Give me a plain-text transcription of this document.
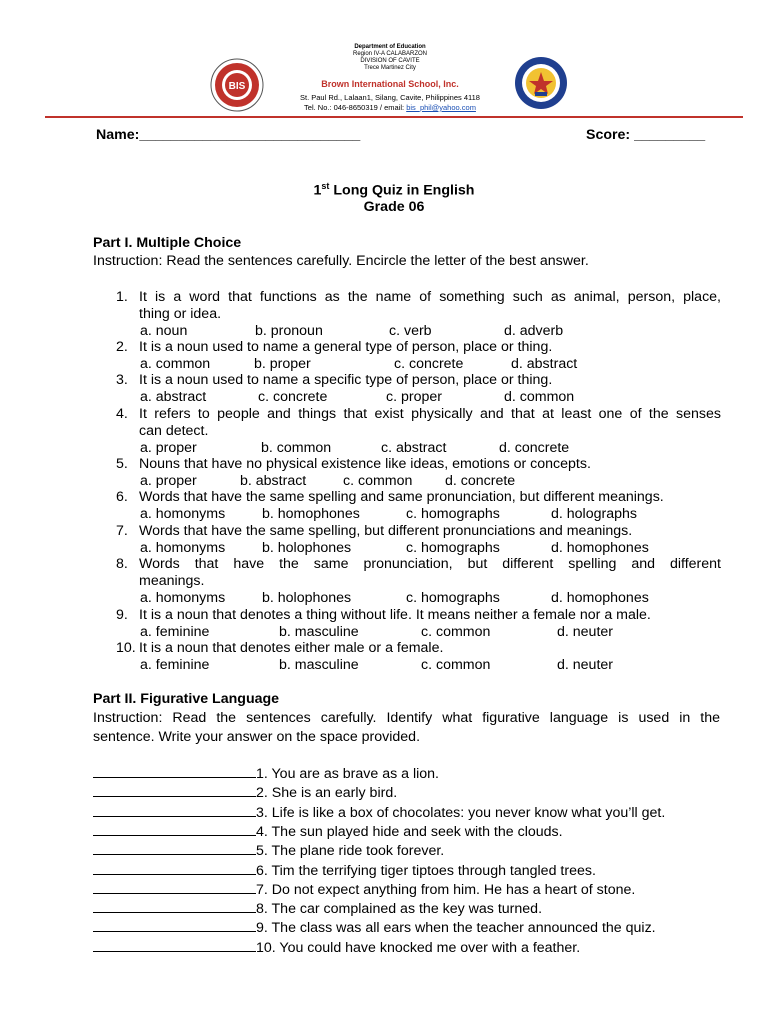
BIS
Department of Education
Region IV-A CALABARZON
DIVISION OF CAVITE
Trece Martinez City
Brown International School, Inc.
St. Paul Rd., Lalaan1, Silang, Cavite, Philippines 4118
Tel. No.: 046-8650319 / email: bis_phil@yahoo.com
Name:____________________________	Score: _________
1st Long Quiz in English
Grade 06
Part I. Multiple Choice
Instruction: Read the sentences carefully. Encircle the letter of the best answer.
1. It is a word that functions as the name of something such as animal, person, place,
thing or idea.
a. noun	b. pronoun	c. verb	d. adverb
2. It is a noun used to name a general type of person, place or thing.
a. common	b. proper	c. concrete	d. abstract
3. It is a noun used to name a specific type of person, place or thing.
a. abstract	c. concrete	c. proper	d. common
4. It refers to people and things that exist physically and that at least one of the senses
can detect.
a. proper	b. common	c. abstract	d. concrete
5. Nouns that have no physical existence like ideas, emotions or concepts.
a. proper	b. abstract	c. common d. concrete
6. Words that have the same spelling and same pronunciation, but different meanings.
a. homonyms	b. homophones	c. homographs	d. holographs
7. Words that have the same spelling, but different pronunciations and meanings.
a. homonyms	b. holophones	c. homographs	d. homophones
8. Words that have the same pronunciation, but different spelling and different
meanings.
a. homonyms	b. holophones	c. homographs	d. homophones
9. It is a noun that denotes a thing without life. It means neither a female nor a male.
a. feminine	b. masculine	c. common	d. neuter
10. It is a noun that denotes either male or a female.
a. feminine	b. masculine	c. common	d. neuter
Part II. Figurative Language
Instruction: Read the sentences carefully. Identify what figurative language is used in the
sentence. Write your answer on the space provided.
1. You are as brave as a lion.
2. She is an early bird.
3. Life is like a box of chocolates: you never know what you’ll get.
4. The sun played hide and seek with the clouds.
5. The plane ride took forever.
6. Tim the terrifying tiger tiptoes through tangled trees.
7. Do not expect anything from him. He has a heart of stone.
8. The car complained as the key was turned.
9. The class was all ears when the teacher announced the quiz.
10. You could have knocked me over with a feather.
